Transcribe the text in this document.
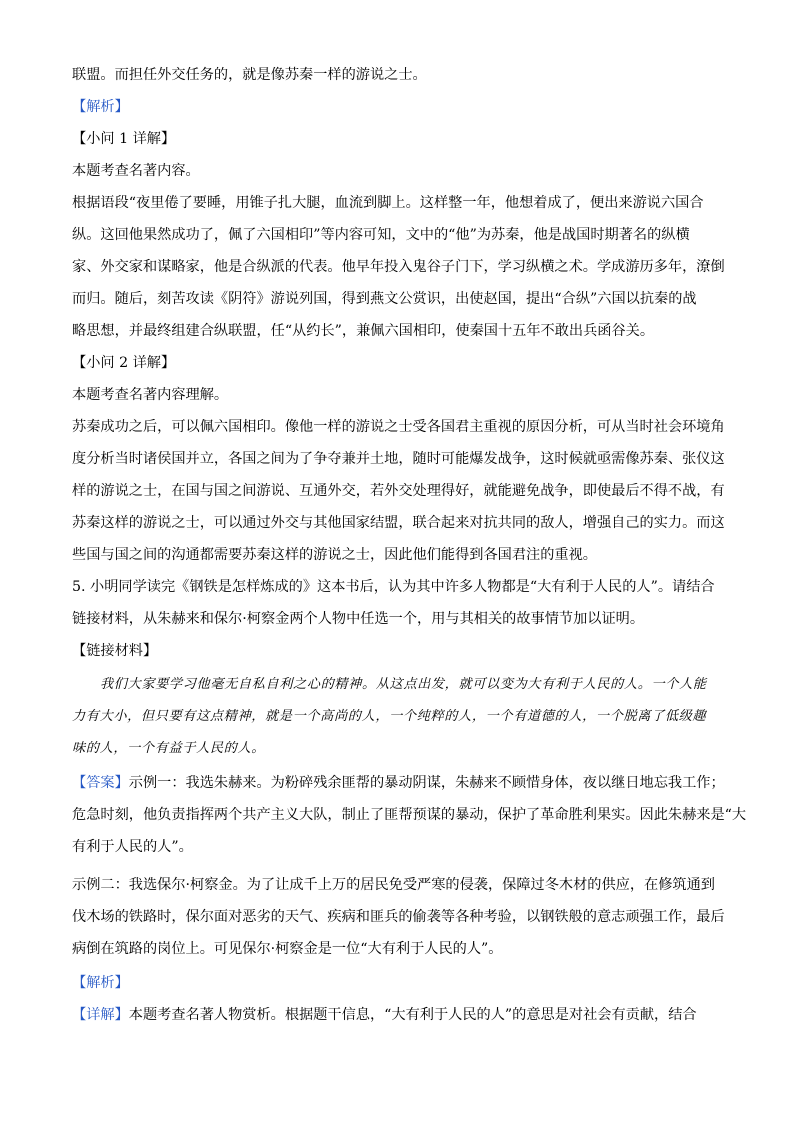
联盟。而担任外交任务的，就是像苏秦一样的游说之士。
【解析】
【小问 1 详解】
本题考查名著内容。
根据语段“夜里倦了要睡，用锥子扎大腿，血流到脚上。这样整一年，他想着成了，便出来游说六国合
纵。这回他果然成功了，佩了六国相印”等内容可知，文中的“他”为苏秦，他是战国时期著名的纵横
家、外交家和谋略家，他是合纵派的代表。他早年投入鬼谷子门下，学习纵横之术。学成游历多年，潦倒
而归。随后，刻苦攻读《阴符》游说列国，得到燕文公赏识，出使赵国，提出“合纵”六国以抗秦的战
略思想，并最终组建合纵联盟，任“从约长”，兼佩六国相印，使秦国十五年不敢出兵函谷关。
【小问 2 详解】
本题考查名著内容理解。
苏秦成功之后，可以佩六国相印。像他一样的游说之士受各国君主重视的原因分析，可从当时社会环境角
度分析当时诸侯国并立，各国之间为了争夺兼并土地，随时可能爆发战争，这时候就亟需像苏秦、张仪这
样的游说之士，在国与国之间游说、互通外交，若外交处理得好，就能避免战争，即使最后不得不战，有
苏秦这样的游说之士，可以通过外交与其他国家结盟，联合起来对抗共同的敌人，增强自己的实力。而这
些国与国之间的沟通都需要苏秦这样的游说之士，因此他们能得到各国君注的重视。
5. 小明同学读完《钢铁是怎样炼成的》这本书后，认为其中许多人物都是“大有利于人民的人”。请结合
链接材料，从朱赫来和保尔·柯察金两个人物中任选一个，用与其相关的故事情节加以证明。
【链接材料】
我们大家要学习他毫无自私自利之心的精神。从这点出发，就可以变为大有利于人民的人。一个人能
力有大小，但只要有这点精神，就是一个高尚的人，一个纯粹的人，一个有道德的人，一个脱离了低级趣
味的人，一个有益于人民的人。
【答案】示例一：我选朱赫来。为粉碎残余匪帮的暴动阴谋，朱赫来不顾惜身体，夜以继日地忘我工作；
危急时刻，他负责指挥两个共产主义大队，制止了匪帮预谋的暴动，保护了革命胜利果实。因此朱赫来是“大
有利于人民的人”。
示例二：我选保尔·柯察金。为了让成千上万的居民免受严寒的侵袭，保障过冬木材的供应，在修筑通到
伐木场的铁路时，保尔面对恶劣的天气、疾病和匪兵的偷袭等各种考验，以钢铁般的意志顽强工作，最后
病倒在筑路的岗位上。可见保尔·柯察金是一位“大有利于人民的人”。
【解析】
【详解】本题考查名著人物赏析。根据题干信息，“大有利于人民的人”的意思是对社会有贡献，结合
